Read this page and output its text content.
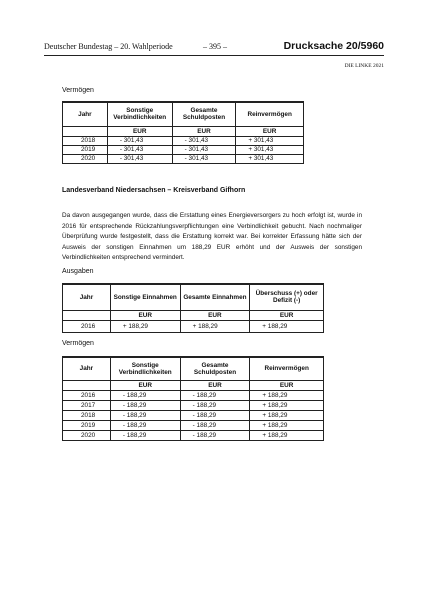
Deutscher Bundestag – 20. Wahlperiode	– 395 –	Drucksache 20/5960
DIE LINKE 2021
Vermögen
Jahr	Sonstige Verbindlichkeiten	Gesamte Schuldposten	Reinvermögen
	EUR	EUR	EUR
2018	- 301,43	- 301,43	+ 301,43
2019	- 301,43	- 301,43	+ 301,43
2020	- 301,43	- 301,43	+ 301,43
Landesverband Niedersachsen – Kreisverband Gifhorn
Da davon ausgegangen wurde, dass die Erstattung eines Energieversorgers zu hoch erfolgt ist, wurde in 2016 für entsprechende Rückzahlungsverpflichtungen eine Verbindlichkeit gebucht. Nach nochmaliger Überprüfung wurde festgestellt, dass die Erstattung korrekt war. Bei korrekter Erfassung hätte sich der Ausweis der sonstigen Einnahmen um 188,29 EUR erhöht und der Ausweis der sonstigen Verbindlichkeiten entsprechend vermindert.
Ausgaben
Jahr	Sonstige Einnahmen	Gesamte Einnahmen	Überschuss (+) oder Defizit (-)
	EUR	EUR	EUR
2016	+ 188,29	+ 188,29	+ 188,29
Vermögen
Jahr	Sonstige Verbindlichkeiten	Gesamte Schuldposten	Reinvermögen
	EUR	EUR	EUR
2016	- 188,29	- 188,29	+ 188,29
2017	- 188,29	- 188,29	+ 188,29
2018	- 188,29	- 188,29	+ 188,29
2019	- 188,29	- 188,29	+ 188,29
2020	- 188,29	- 188,29	+ 188,29
